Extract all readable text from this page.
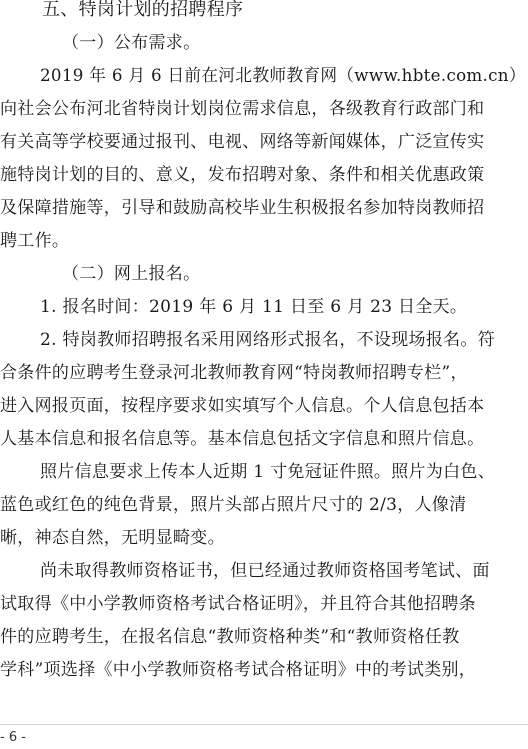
五、特岗计划的招聘程序
（一）公布需求。
2019 年 6 月 6 日前在河北教师教育网（www.hbte.com.cn）
向社会公布河北省特岗计划岗位需求信息，各级教育行政部门和
有关高等学校要通过报刊、电视、网络等新闻媒体，广泛宣传实
施特岗计划的目的、意义，发布招聘对象、条件和相关优惠政策
及保障措施等，引导和鼓励高校毕业生积极报名参加特岗教师招
聘工作。
（二）网上报名。
1. 报名时间：2019 年 6 月 11 日至 6 月 23 日全天。
2. 特岗教师招聘报名采用网络形式报名，不设现场报名。符
合条件的应聘考生登录河北教师教育网“特岗教师招聘专栏”，
进入网报页面，按程序要求如实填写个人信息。个人信息包括本
人基本信息和报名信息等。基本信息包括文字信息和照片信息。
照片信息要求上传本人近期 1 寸免冠证件照。照片为白色、
蓝色或红色的纯色背景，照片头部占照片尺寸的 2/3，人像清
晰，神态自然，无明显畸变。
尚未取得教师资格证书，但已经通过教师资格国考笔试、面
试取得《中小学教师资格考试合格证明》，并且符合其他招聘条
件的应聘考生，在报名信息“教师资格种类”和“教师资格任教
学科”项选择《中小学教师资格考试合格证明》中的考试类别，
- 6 -
